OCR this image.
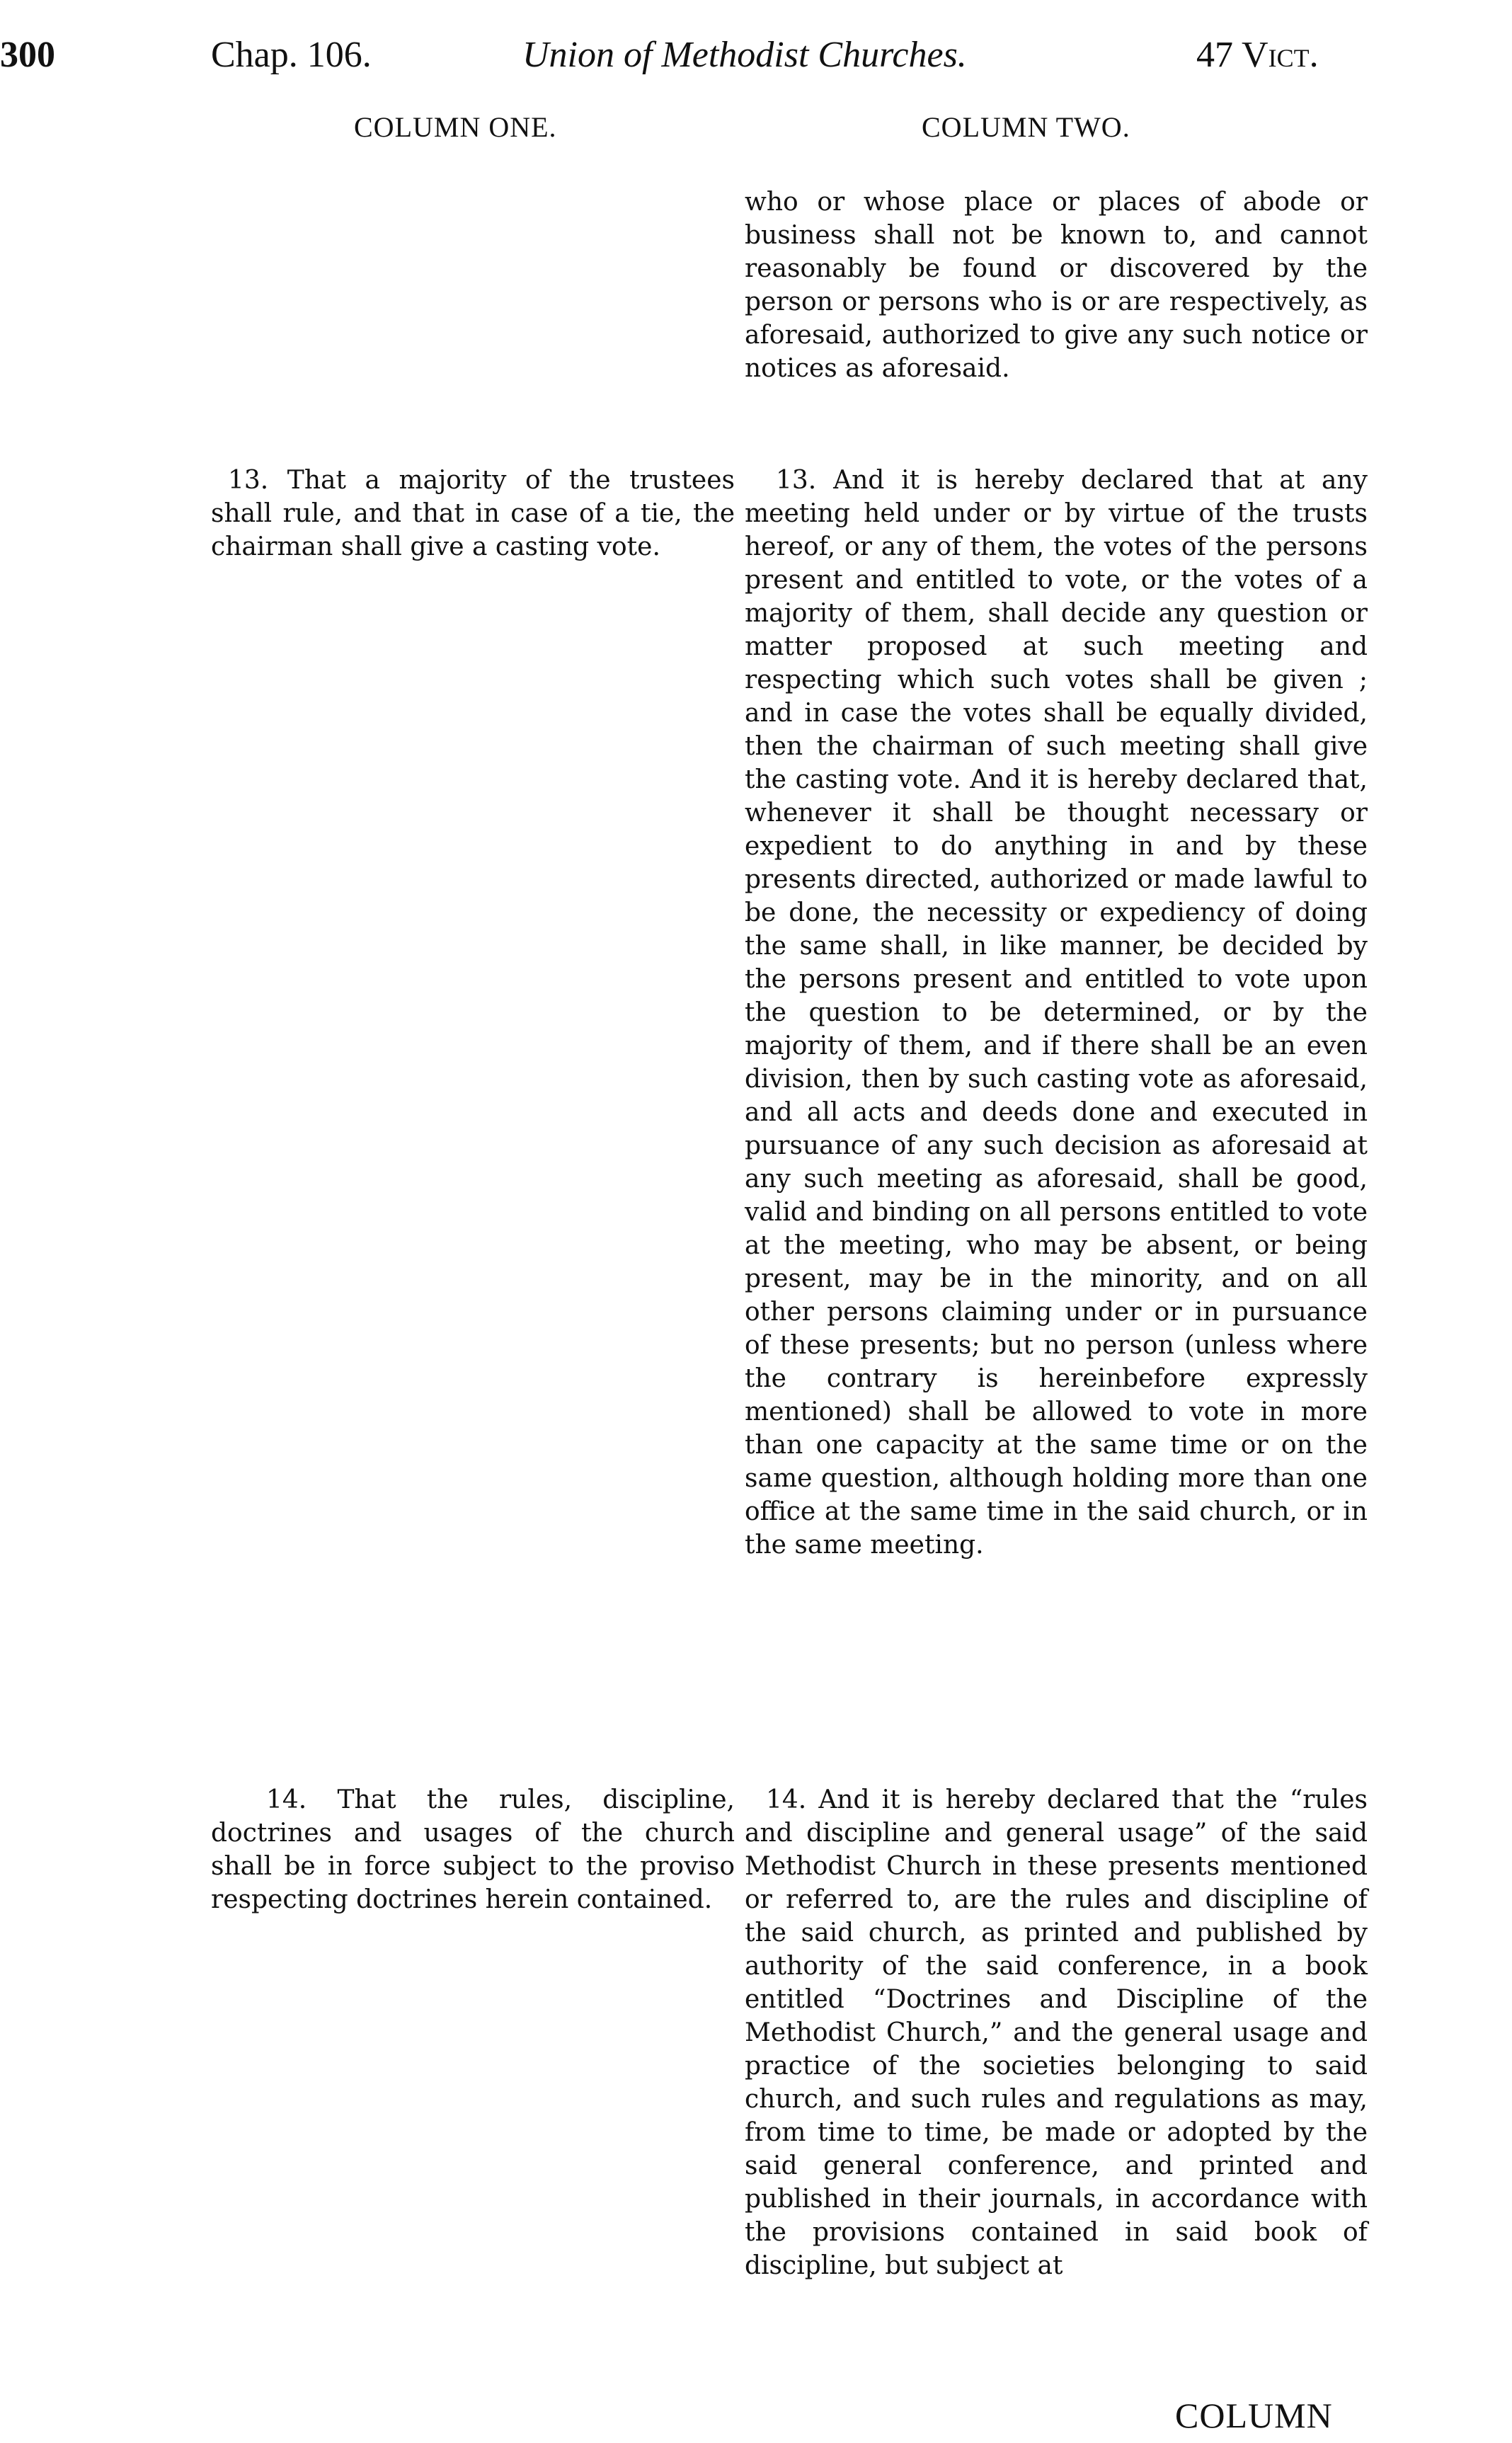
300	Chap. 106.	Union of Methodist Churches.	47 Vict.
COLUMN ONE.	COLUMN TWO.

who or whose place or places of abode or business shall not be known to, and cannot reasonably be found or discovered by the person or persons who is or are respectively, as aforesaid, authorized to give any such notice or notices as aforesaid.

13. That a majority of the trustees shall rule, and that in case of a tie, the chairman shall give a casting vote.

13. And it is hereby declared that at any meeting held under or by virtue of the trusts hereof, or any of them, the votes of the persons present and entitled to vote, or the votes of a majority of them, shall decide any question or matter proposed at such meeting and respecting which such votes shall be given ; and in case the votes shall be equally divided, then the chairman of such meeting shall give the casting vote. And it is hereby declared that, whenever it shall be thought necessary or expedient to do anything in and by these presents directed, authorized or made lawful to be done, the necessity or expediency of doing the same shall, in like manner, be decided by the persons present and entitled to vote upon the question to be determined, or by the majority of them, and if there shall be an even division, then by such casting vote as aforesaid, and all acts and deeds done and executed in pursuance of any such decision as aforesaid at any such meeting as aforesaid, shall be good, valid and binding on all persons entitled to vote at the meeting, who may be absent, or being present, may be in the minority, and on all other persons claiming under or in pursuance of these presents; but no person (unless where the contrary is hereinbefore expressly mentioned) shall be allowed to vote in more than one capacity at the same time or on the same question, although holding more than one office at the same time in the said church, or in the same meeting.

14. That the rules, discipline, doctrines and usages of the church shall be in force subject to the proviso respecting doctrines herein contained.

14. And it is hereby declared that the “rules and discipline and general usage” of the said Methodist Church in these presents mentioned or referred to, are the rules and discipline of the said church, as printed and published by authority of the said conference, in a book entitled “Doctrines and Discipline of the Methodist Church,” and the general usage and practice of the societies belonging to said church, and such rules and regulations as may, from time to time, be made or adopted by the said general conference, and printed and published in their journals, in accordance with the provisions contained in said book of discipline, but subject at

COLUMN
